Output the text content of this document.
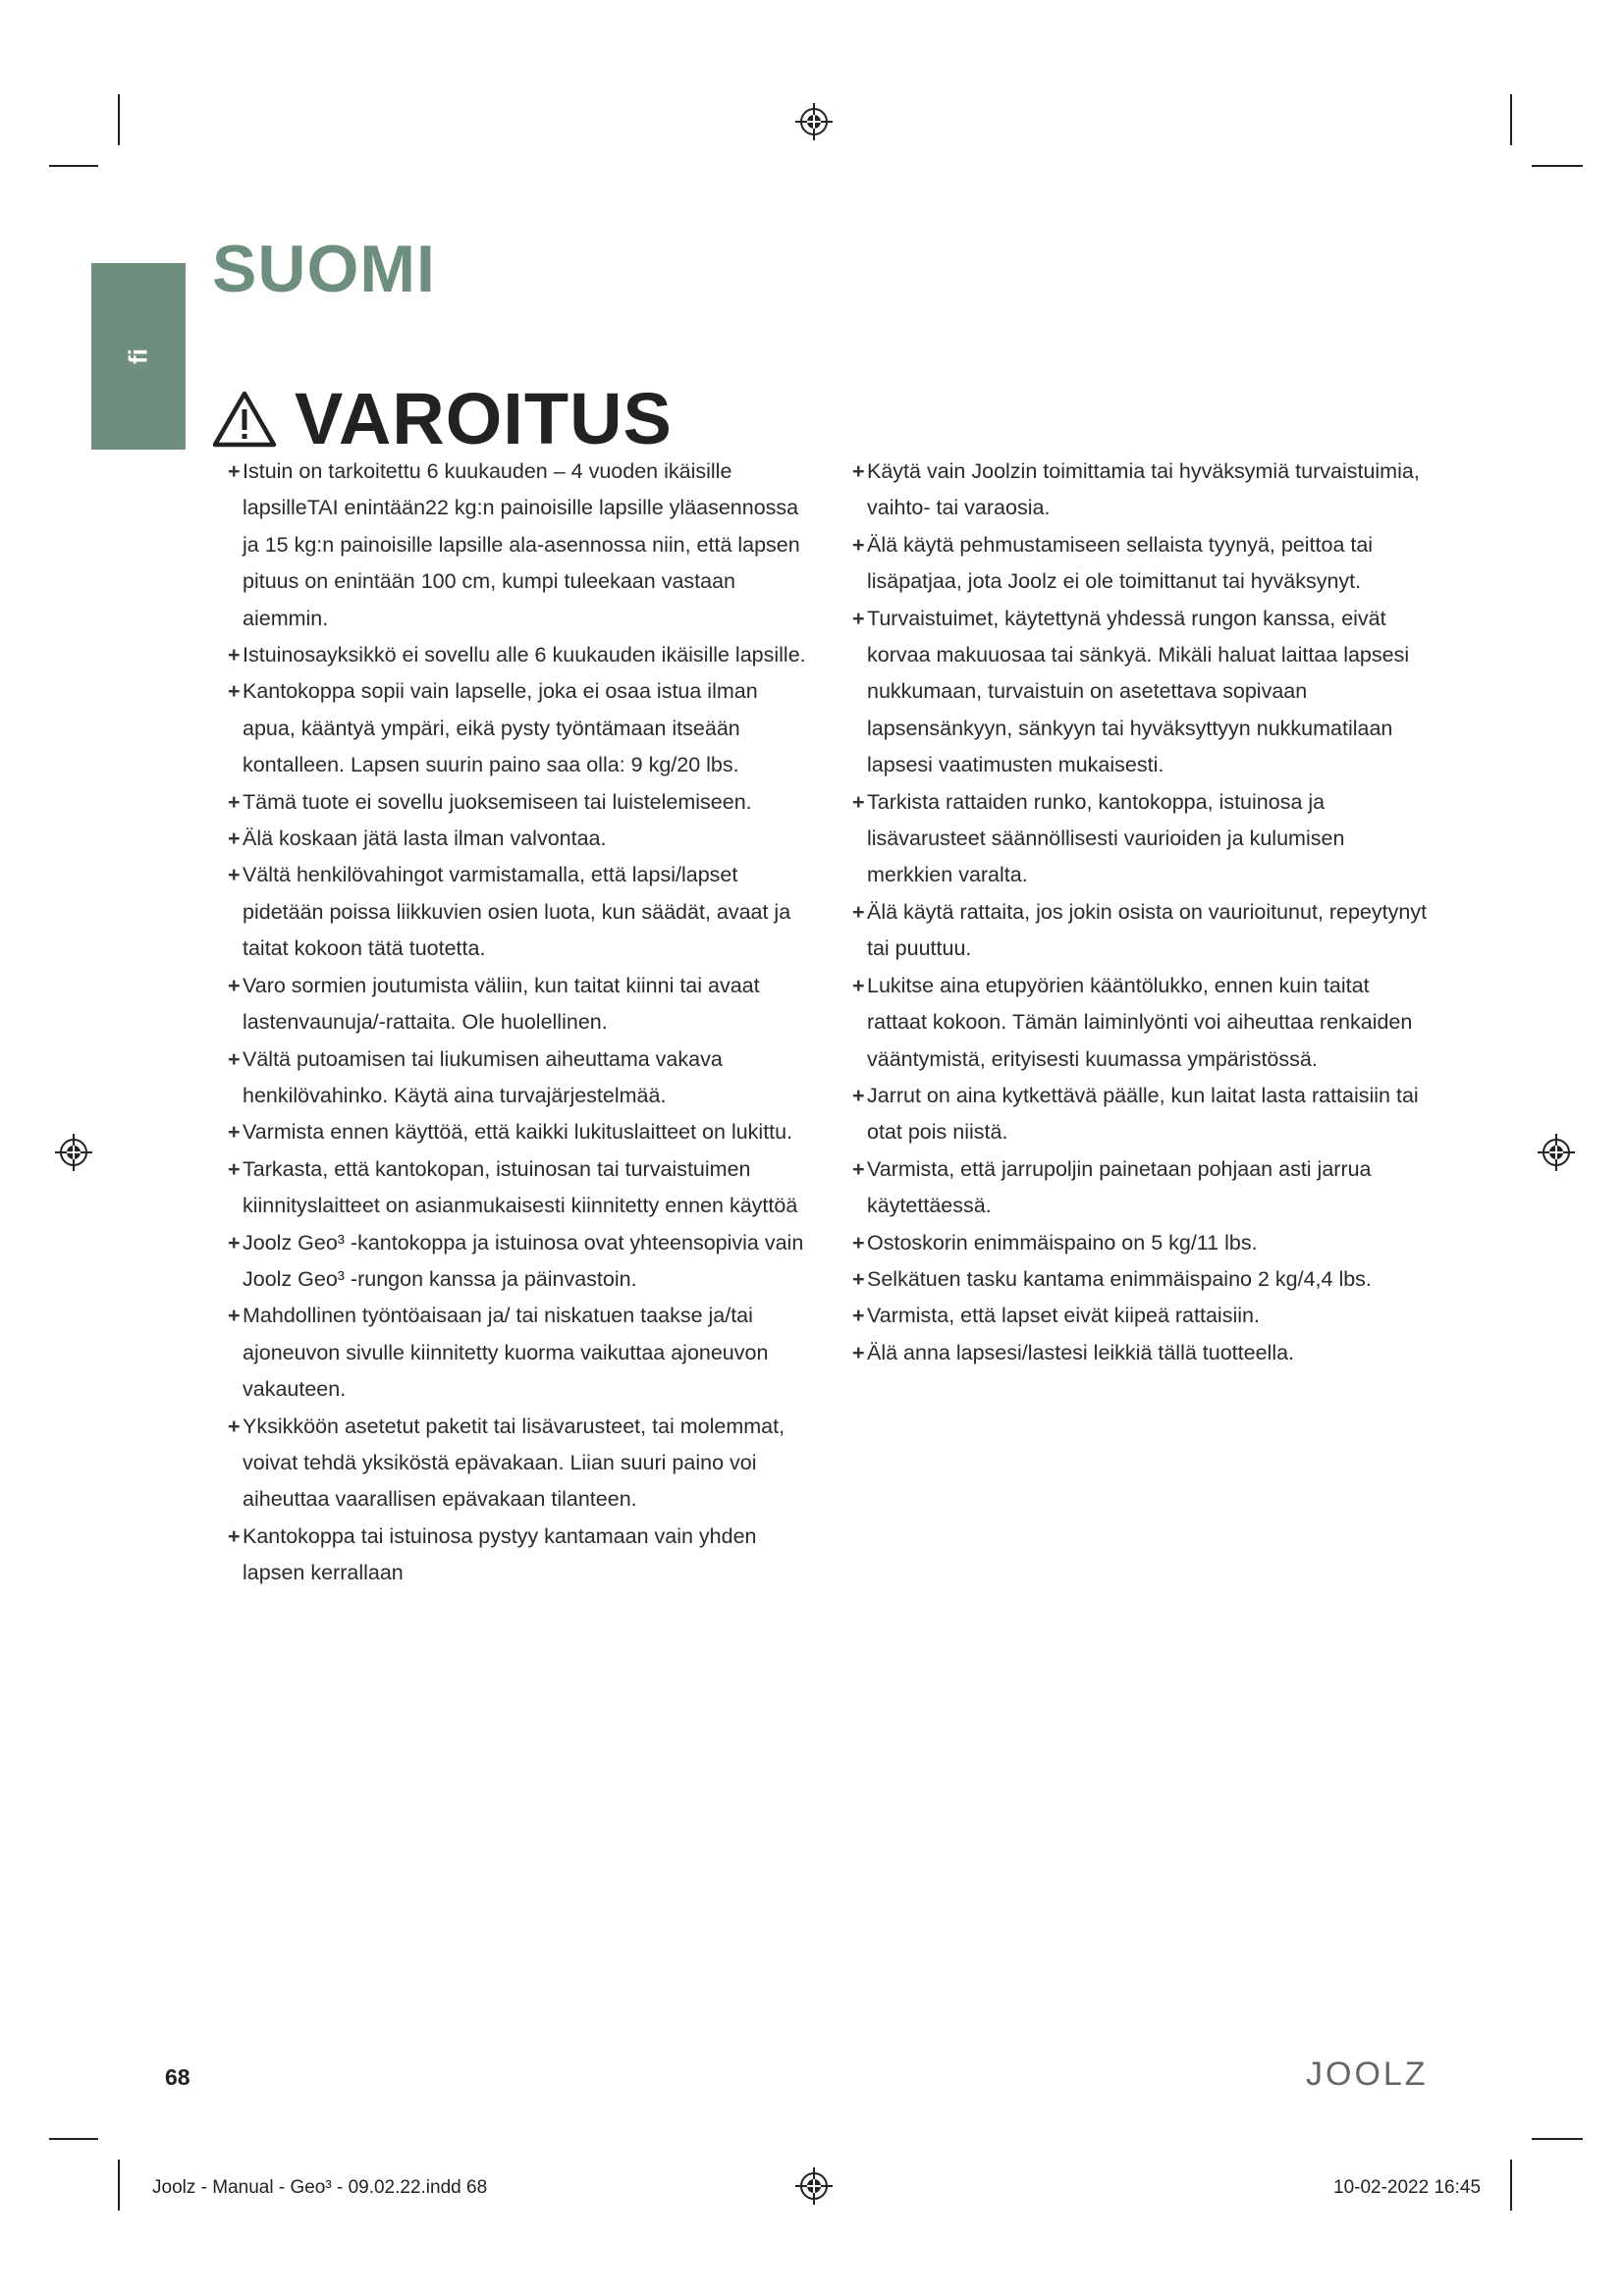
fi
SUOMI
VAROITUS
+ Istuin on tarkoitettu 6 kuukauden – 4 vuoden ikäisille lapsilleTAI enintään22 kg:n painoisille lapsille yläasennossa ja 15 kg:n painoisille lapsille ala-asennossa niin, että lapsen pituus on enintään 100 cm, kumpi tuleekaan vastaan aiemmin.
+ Istuinosayksikkö ei sovellu alle 6 kuukauden ikäisille lapsille.
+ Kantokoppa sopii vain lapselle, joka ei osaa istua ilman apua, kääntyä ympäri, eikä pysty työntämaan itseään kontalleen. Lapsen suurin paino saa olla: 9 kg/20 lbs.
+ Tämä tuote ei sovellu juoksemiseen tai luistelemiseen.
+ Älä koskaan jätä lasta ilman valvontaa.
+ Vältä henkilövahingot varmistamalla, että lapsi/lapset pidetään poissa liikkuvien osien luota, kun säädät, avaat ja taitat kokoon tätä tuotetta.
+ Varo sormien joutumista väliin, kun taitat kiinni tai avaat lastenvaunuja/-rattaita. Ole huolellinen.
+ Vältä putoamisen tai liukumisen aiheuttama vakava henkilövahinko. Käytä aina turvajärjestelmää.
+ Varmista ennen käyttöä, että kaikki lukituslaitteet on lukittu.
+ Tarkasta, että kantokopan, istuinosan tai turvaistuimen kiinnityslaitteet on asianmukaisesti kiinnitetty ennen käyttöä
+ Joolz Geo³ -kantokoppa ja istuinosa ovat yhteensopivia vain Joolz Geo³ -rungon kanssa ja päinvastoin.
+ Mahdollinen työntöaisaan ja/ tai niskatuen taakse ja/tai ajoneuvon sivulle kiinnitetty kuorma vaikuttaa ajoneuvon vakauteen.
+ Yksikköön asetetut paketit tai lisävarusteet, tai molemmat, voivat tehdä yksiköstä epävakaan. Liian suuri paino voi aiheuttaa vaarallisen epävakaan tilanteen.
+ Kantokoppa tai istuinosa pystyy kantamaan vain yhden lapsen kerrallaan
+ Käytä vain Joolzin toimittamia tai hyväksymiä turvaistuimia, vaihto- tai varaosia.
+ Älä käytä pehmustamiseen sellaista tyynyä, peittoa tai lisäpatjaa, jota Joolz ei ole toimittanut tai hyväksynyt.
+ Turvaistuimet, käytettynä yhdessä rungon kanssa, eivät korvaa makuuosaa tai sänkyä. Mikäli haluat laittaa lapsesi nukkumaan, turvaistuin on asetettava sopivaan lapsensänkyyn, sänkyyn tai hyväksyttyyn nukkumatilaan lapsesi vaatimusten mukaisesti.
+ Tarkista rattaiden runko, kantokoppa, istuinosa ja lisävarusteet säännöllisesti vaurioiden ja kulumisen merkkien varalta.
+ Älä käytä rattaita, jos jokin osista on vaurioitunut, repeytynyt tai puuttuu.
+ Lukitse aina etupyörien kääntölukko, ennen kuin taitat rattaat kokoon. Tämän laiminlyönti voi aiheuttaa renkaiden vääntymistä, erityisesti kuumassa ympäristössä.
+ Jarrut on aina kytkettävä päälle, kun laitat lasta rattaisiin tai otat pois niistä.
+ Varmista, että jarrupoljin painetaan pohjaan asti jarrua käytettäessä.
+ Ostoskorin enimmäispaino on 5 kg/11 lbs.
+ Selkätuen tasku kantama enimmäispaino 2 kg/4,4 lbs.
+ Varmista, että lapset eivät kiipeä rattaisiin.
+ Älä anna lapsesi/lastesi leikkiä tällä tuotteella.
68	JOOLZ
Joolz - Manual - Geo³ - 09.02.22.indd 68	10-02-2022 16:45
